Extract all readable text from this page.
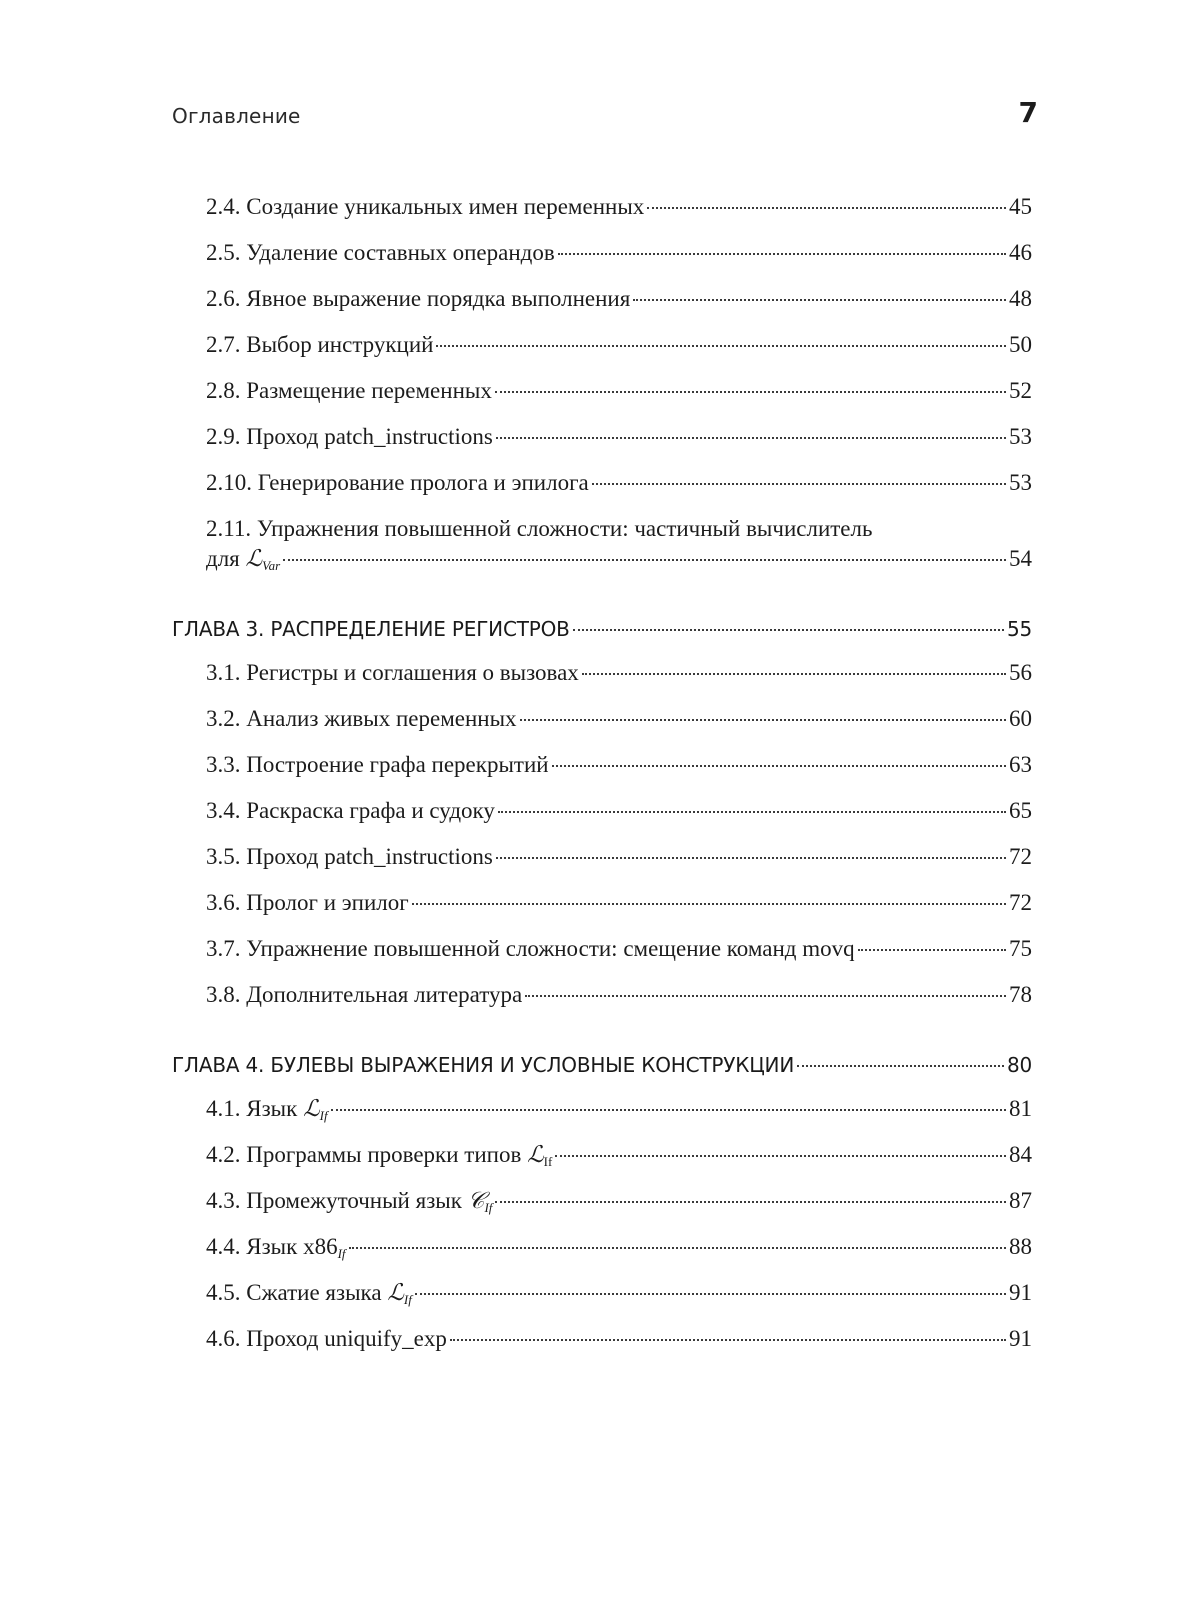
Оглавление	7
2.4. Создание уникальных имен переменных	45
2.5. Удаление составных операндов	46
2.6. Явное выражение порядка выполнения	48
2.7. Выбор инструкций	50
2.8. Размещение переменных	52
2.9. Проход patch_instructions	53
2.10. Генерирование пролога и эпилога	53
2.11. Упражнения повышенной сложности: частичный вычислитель
для ℒ$_{Var}$	54
ГЛАВА 3. РАСПРЕДЕЛЕНИЕ РЕГИСТРОВ	55
3.1. Регистры и соглашения о вызовах	56
3.2. Анализ живых переменных	60
3.3. Построение графа перекрытий	63
3.4. Раскраска графа и судоку	65
3.5. Проход patch_instructions	72
3.6. Пролог и эпилог	72
3.7. Упражнение повышенной сложности: смещение команд movq	75
3.8. Дополнительная литература	78
ГЛАВА 4. БУЛЕВЫ ВЫРАЖЕНИЯ И УСЛОВНЫЕ КОНСТРУКЦИИ	80
4.1. Язык ℒ$_{If}$	81
4.2. Программы проверки типов ℒ$_{If}$	84
4.3. Промежуточный язык 𝒞$_{If}$	87
4.4. Язык $x86_{If}$	88
4.5. Сжатие языка ℒ$_{If}$	91
4.6. Проход uniquify_exp	91
